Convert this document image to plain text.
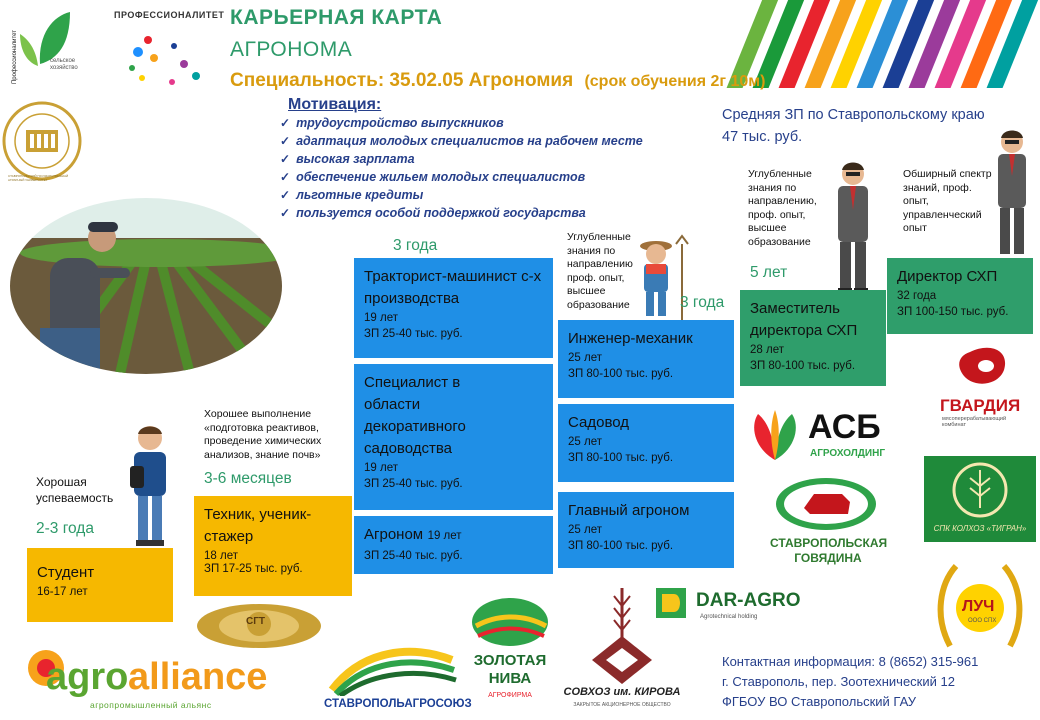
Профессионалитет	сельское хозяйство
ПРОФЕССИОНАЛИТЕТ КАРЬЕРНАЯ КАРТА
АГРОНОМА
Специальность: 35.02.05 Агрономия (срок обучения 2г 10м)
СТАВРОПОЛЬСКИЙ ГОСУДАРСТВЕННЫЙ АГРАРНЫЙ УНИВЕРСИТЕТ
Мотивация:
✓ трудоустройство выпускников
✓ адаптация молодых специалистов на рабочем месте
✓ высокая зарплата
✓ обеспечение жильем молодых специалистов
✓ льготные кредиты
✓ пользуется особой поддержкой государства
Средняя ЗП по Ставропольскому краю 47 тыс. руб.
Хорошая успеваемость
2-3 года
Студент
16-17 лет
Хорошее выполнение «подготовка реактивов, проведение химических анализов, знание почв»
3-6 месяцев
Техник, ученик-стажер
18 лет
ЗП 17-25 тыс. руб.
3 года
Тракторист-машинист с-х производства
19 лет
ЗП 25-40 тыс. руб.
Специалист в области декоративного садоводства
19 лет
ЗП 25-40 тыс. руб.
Агроном 19 лет
ЗП 25-40 тыс. руб.
Углубленные знания по направлению проф. опыт, высшее образование	3 года
Инженер-механик
25 лет
ЗП 80-100 тыс. руб.
Садовод
25 лет
ЗП 80-100 тыс. руб.
Главный агроном
25 лет
ЗП 80-100 тыс. руб.
Углубленные знания по направлению, проф. опыт, высшее образование
5 лет
Заместитель директора СХП
28 лет
ЗП 80-100 тыс. руб.
Обширный спектр знаний, проф. опыт, управленческий опыт
Директор СХП
32 года
ЗП 100-150 тыс. руб.
АСБ
АГРОХОЛДИНГ
ГВАРДИЯ
мясоперерабатывающий комбинат
СТАВРОПОЛЬСКАЯ ГОВЯДИНА
СПК КОЛХОЗ «ТИГРАН»
DAR-AGRO
Agrotechnical holding
ЛУЧ
ООО СПХ
СГТ
agro alliance
агропромышленный альянс	СТАВРОПОЛЬАГРОСОЮЗ
ЗОЛОТАЯ НИВА
АГРОФИРМА	СОВХОЗ им. КИРОВА
ЗАКРЫТОЕ АКЦИОНЕРНОЕ ОБЩЕСТВО
Контактная информация: 8 (8652) 315-961
г. Ставрополь, пер. Зоотехнический 12
ФГБОУ ВО Ставропольский ГАУ
